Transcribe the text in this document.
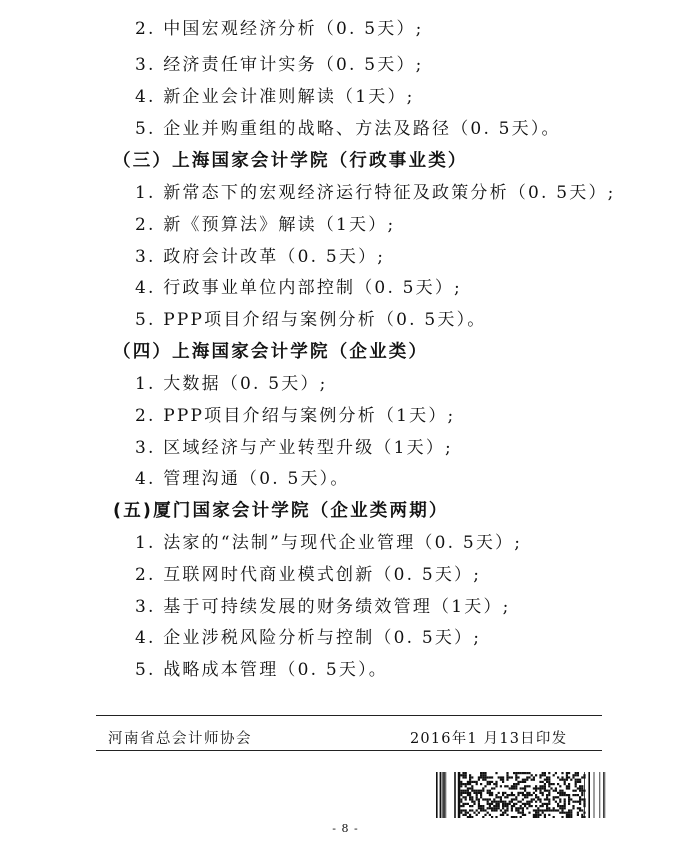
2. 中国宏观经济分析（0. 5天）;
3. 经济责任审计实务（0. 5天）;
4. 新企业会计准则解读（1天）;
5. 企业并购重组的战略、方法及路径（0. 5天）。
（三）上海国家会计学院（行政事业类）
1. 新常态下的宏观经济运行特征及政策分析（0. 5天）;
2. 新《预算法》解读（1天）;
3. 政府会计改革（0. 5天）;
4. 行政事业单位内部控制（0. 5天）;
5. PPP项目介绍与案例分析（0. 5天）。
（四）上海国家会计学院（企业类）
1. 大数据（0. 5天）;
2. PPP项目介绍与案例分析（1天）;
3. 区域经济与产业转型升级（1天）;
4. 管理沟通（0. 5天）。
(五)厦门国家会计学院（企业类两期）
1. 法家的“法制”与现代企业管理（0. 5天）;
2. 互联网时代商业模式创新（0. 5天）;
3. 基于可持续发展的财务绩效管理（1天）;
4. 企业涉税风险分析与控制（0. 5天）;
5. 战略成本管理（0. 5天）。
河南省总会计师协会	2016年1 月13日印发
- 8 -
